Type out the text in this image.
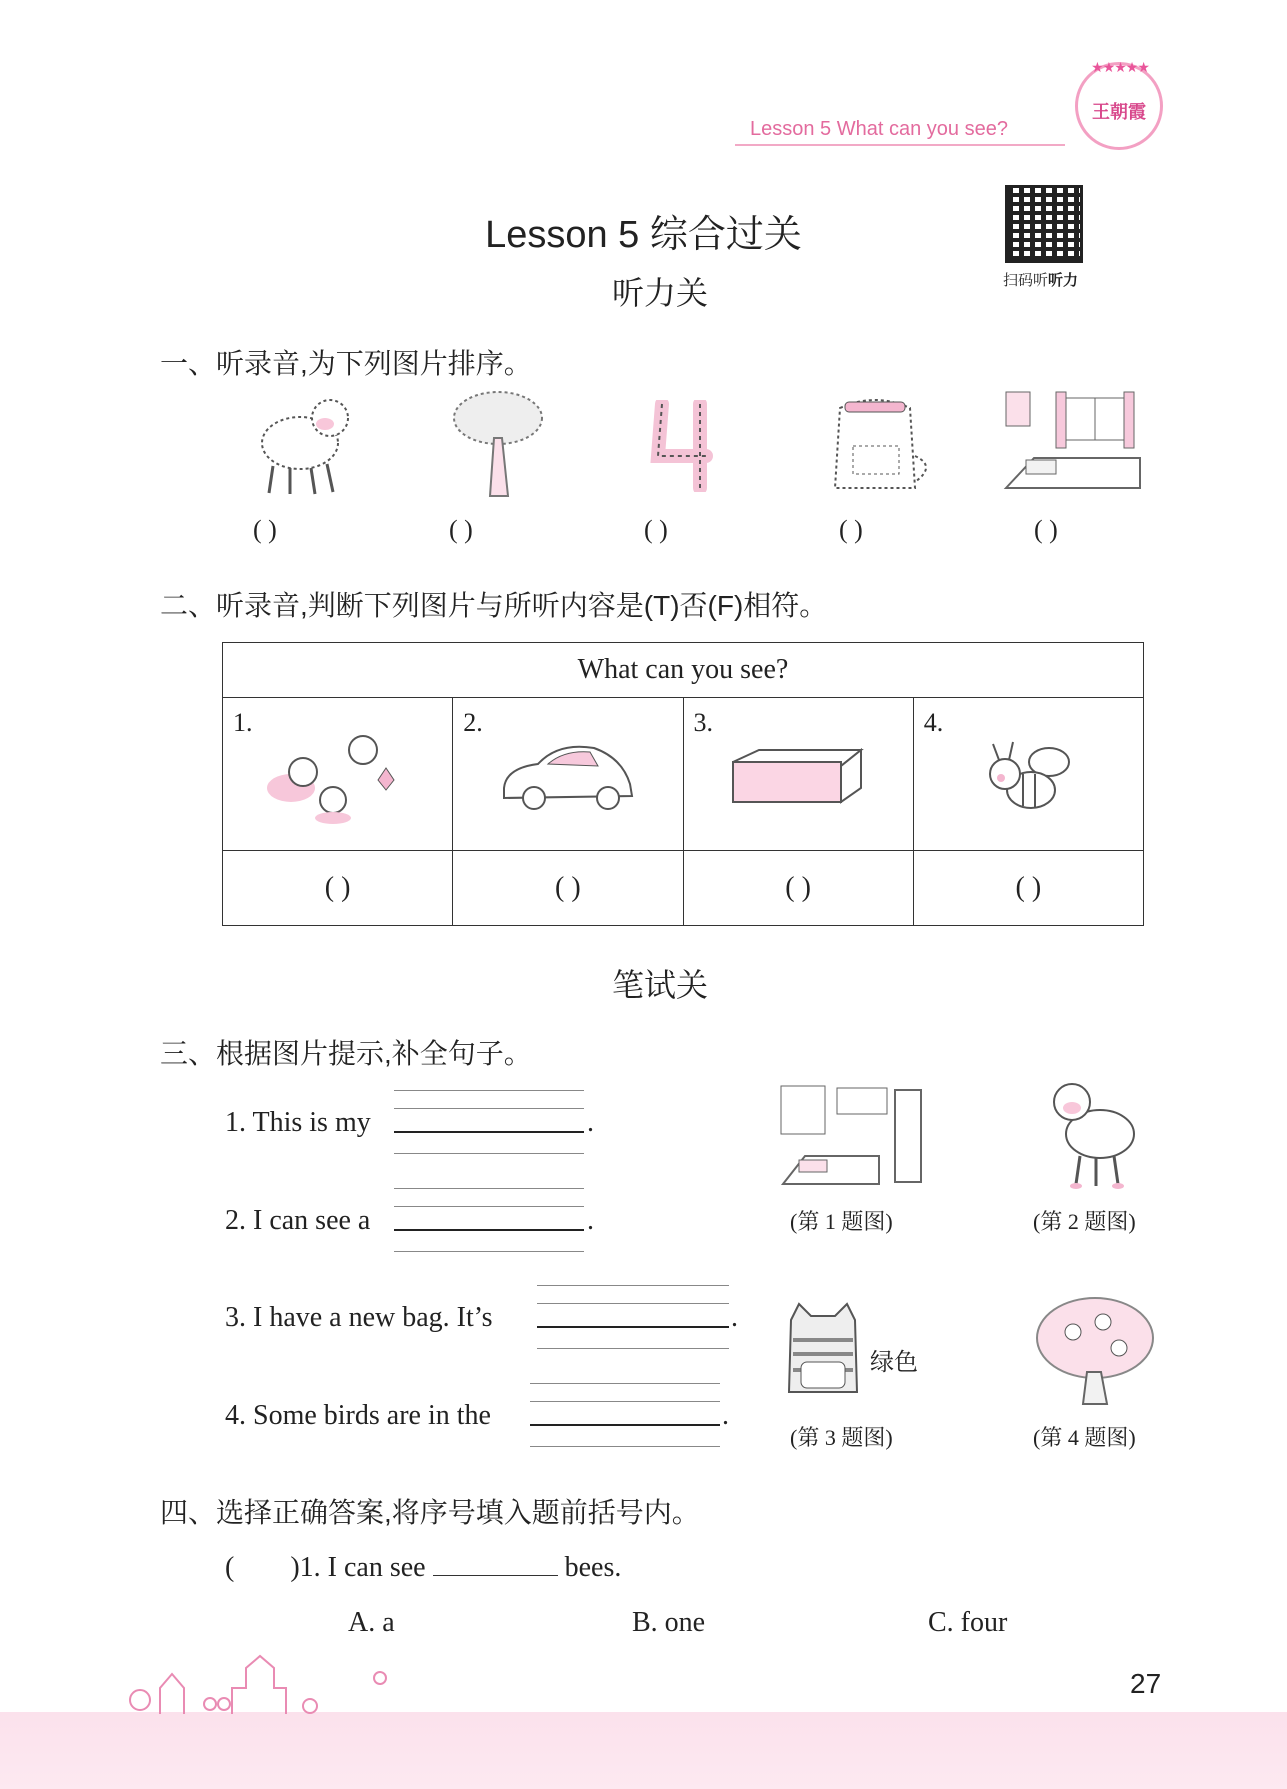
Lesson 5 What can you see?
★★★★★
王朝霞
Lesson 5 综合过关
听力关	扫码听听力
一、听录音,为下列图片排序。
( )	( )	( )	( )	( )
二、听录音,判断下列图片与所听内容是(T)否(F)相符。
What can you see?			

1.	2.	3.	4.

( )	( )	( )	( )
笔试关
三、根据图片提示,补全句子。
1. This is my	.
2. I can see a	.
3. I have a new bag. It’s	.
4. Some birds are in the	.
绿色
(第 1 题图)	(第 2 题图)
(第 3 题图)	(第 4 题图)
四、选择正确答案,将序号填入题前括号内。
(        )1. I can see	bees.
A. a	B. one	C. four
27
